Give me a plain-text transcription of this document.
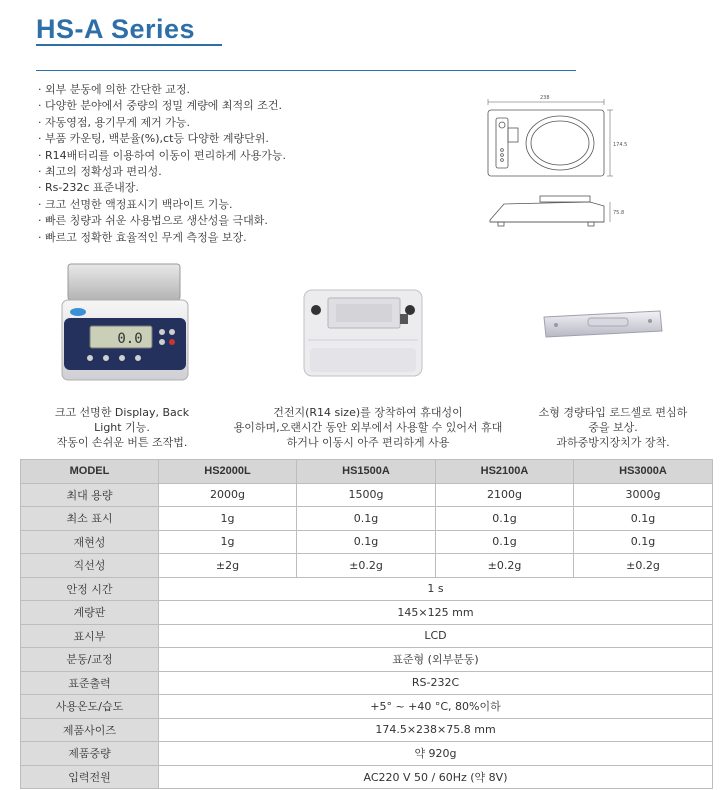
HS-A Series
· 외부 분동에 의한 간단한 교정.
· 다양한 분야에서 중량의 정밀 계량에 최적의 조건.
· 자동영점, 용기무게 제거 가능.
· 부품 카운팅, 백분율(%),ct등 다양한 계량단위.
· R14배터리를 이용하여 이동이 편리하게 사용가능.
· 최고의 정확성과 편리성.
· Rs-232c 표준내장.
· 크고 선명한 액정표시기 백라이트 기능.
· 빠른 칭량과 쉬운 사용법으로 생산성을 극대화.
· 빠르고 정확한 효율적인 무게 측정을 보장.
238
174.5
75.8
0.0
크고 선명한 Display, Back
Light 기능.
작동이 손쉬운 버튼 조작법.
건전지(R14 size)를 장착하여 휴대성이
용이하며,오랜시간 동안 외부에서 사용할 수 있어서 휴대
하거나 이동시 아주 편리하게 사용
소형 경량타입 로드셀로 편심하
중을 보상.
과하중방지장치가 장착.
MODEL	HS2000L	HS1500A	HS2100A	HS3000A
최대 용량	2000g	1500g	2100g	3000g
최소 표시	1g	0.1g	0.1g	0.1g
재현성	1g	0.1g	0.1g	0.1g
직선성	±2g	±0.2g	±0.2g	±0.2g
안정 시간	1 s			
계량판	145×125 mm			
표시부	LCD			
분동/교정	표준형 (외부분동)			
표준출력	RS-232C			
사용온도/습도	+5° ~ +40 °C, 80%이하			
제품사이즈	174.5×238×75.8 mm			
제품중량	약 920g			
입력전원	AC220 V 50 / 60Hz (약 8V)			
